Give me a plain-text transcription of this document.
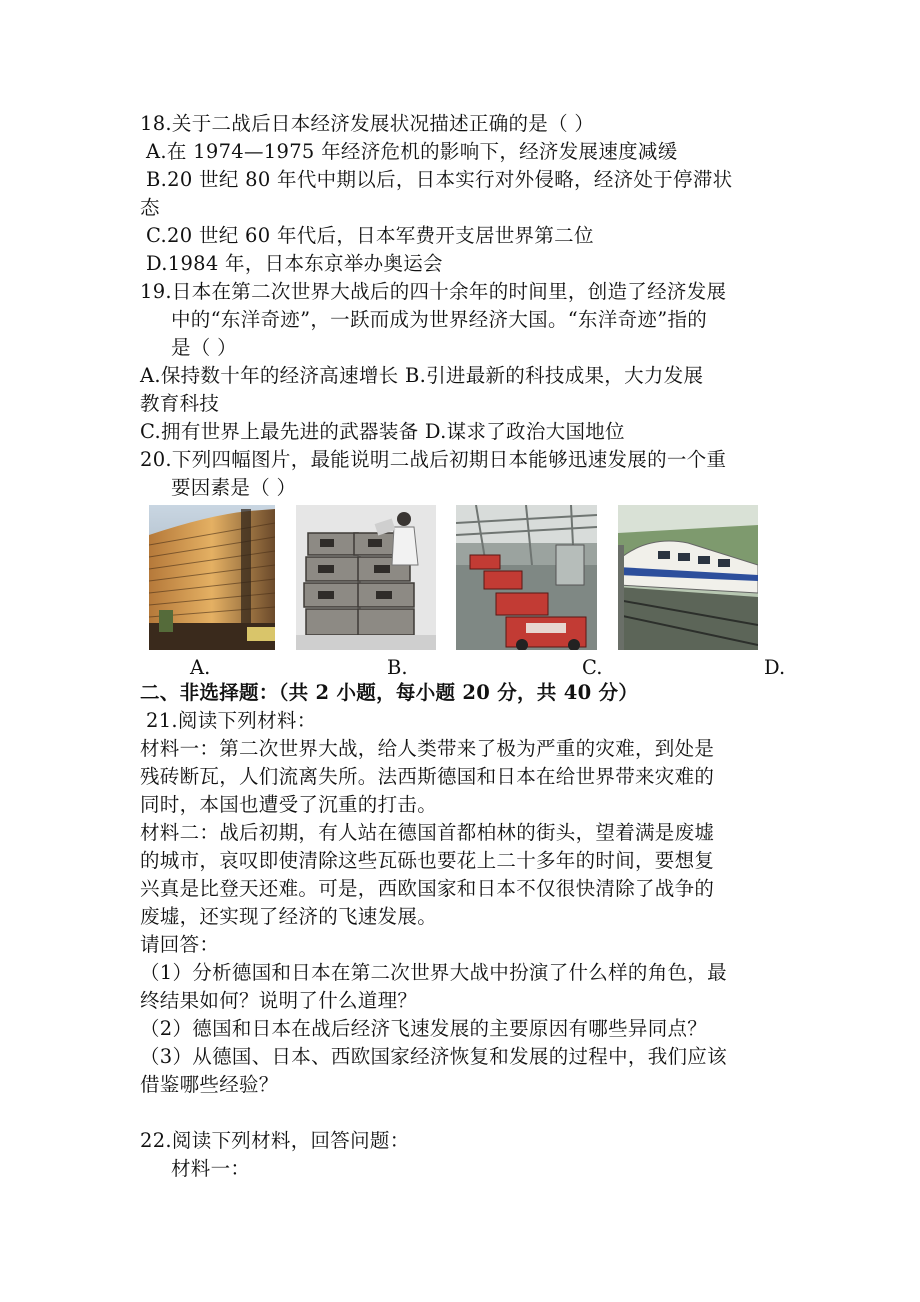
18.关于二战后日本经济发展状况描述正确的是（ ）
A.在 1974—1975 年经济危机的影响下，经济发展速度减缓
B.20 世纪 80 年代中期以后，日本实行对外侵略，经济处于停滞状
态
C.20 世纪 60 年代后，日本军费开支居世界第二位
D.1984 年，日本东京举办奥运会
19.日本在第二次世界大战后的四十余年的时间里，创造了经济发展
中的“东洋奇迹”，一跃而成为世界经济大国。“东洋奇迹”指的
是（ ）
A.保持数十年的经济高速增长 B.引进最新的科技成果，大力发展
教育科技
C.拥有世界上最先进的武器装备 D.谋求了政治大国地位
20.下列四幅图片，最能说明二战后初期日本能够迅速发展的一个重
要因素是（ ）
A.	B.	C.	D.
二、非选择题：（共 2 小题，每小题 20 分，共 40 分）
21.阅读下列材料：
材料一：第二次世界大战，给人类带来了极为严重的灾难，到处是
残砖断瓦，人们流离失所。法西斯德国和日本在给世界带来灾难的
同时，本国也遭受了沉重的打击。
材料二：战后初期，有人站在德国首都柏林的街头，望着满是废墟
的城市，哀叹即使清除这些瓦砾也要花上二十多年的时间，要想复
兴真是比登天还难。可是，西欧国家和日本不仅很快清除了战争的
废墟，还实现了经济的飞速发展。
请回答：
（1）分析德国和日本在第二次世界大战中扮演了什么样的角色，最
终结果如何？说明了什么道理？
（2）德国和日本在战后经济飞速发展的主要原因有哪些异同点？
（3）从德国、日本、西欧国家经济恢复和发展的过程中，我们应该
借鉴哪些经验？
22.阅读下列材料，回答问题：
材料一：
